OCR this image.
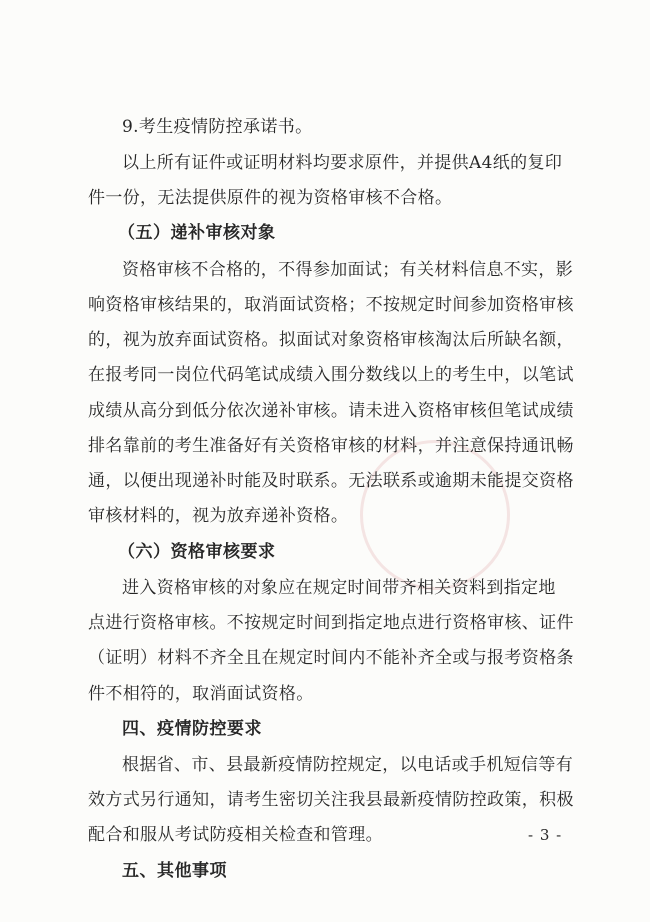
9.考生疫情防控承诺书。
以上所有证件或证明材料均要求原件，并提供A4纸的复印
件一份，无法提供原件的视为资格审核不合格。
（五）递补审核对象
资格审核不合格的，不得参加面试；有关材料信息不实，影
响资格审核结果的，取消面试资格；不按规定时间参加资格审核
的，视为放弃面试资格。拟面试对象资格审核淘汰后所缺名额，
在报考同一岗位代码笔试成绩入围分数线以上的考生中，以笔试
成绩从高分到低分依次递补审核。请未进入资格审核但笔试成绩
排名靠前的考生准备好有关资格审核的材料，并注意保持通讯畅
通，以便出现递补时能及时联系。无法联系或逾期未能提交资格
审核材料的，视为放弃递补资格。
（六）资格审核要求
进入资格审核的对象应在规定时间带齐相关资料到指定地
点进行资格审核。不按规定时间到指定地点进行资格审核、证件
（证明）材料不齐全且在规定时间内不能补齐全或与报考资格条
件不相符的，取消面试资格。
四、疫情防控要求
根据省、市、县最新疫情防控规定，以电话或手机短信等有
效方式另行通知，请考生密切关注我县最新疫情防控政策，积极
配合和服从考试防疫相关检查和管理。
五、其他事项
- 3 -
